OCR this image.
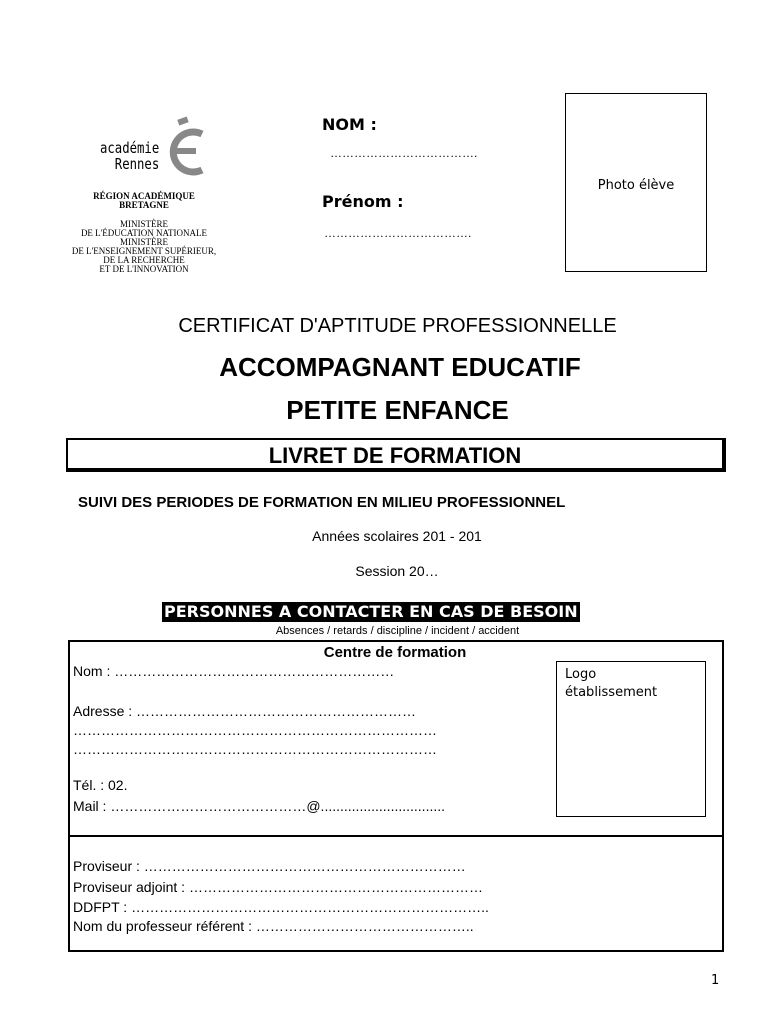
académie
Rennes
RÉGION ACADÉMIQUE
BRETAGNE
MINISTÈRE
DE L'ÉDUCATION NATIONALE
MINISTÈRE
DE L'ENSEIGNEMENT SUPÉRIEUR,
DE LA RECHERCHE
ET DE L'INNOVATION
NOM :
……………………………….
Prénom :
……………………………….
Photo élève
CERTIFICAT D'APTITUDE PROFESSIONNELLE
ACCOMPAGNANT EDUCATIF
PETITE ENFANCE
LIVRET DE FORMATION
SUIVI DES PERIODES DE FORMATION EN MILIEU PROFESSIONNEL
Années scolaires 201 - 201
Session 20…
PERSONNES A CONTACTER EN CAS DE BESOIN
Absences / retards / discipline / incident / accident
Centre de formation
Logo
établissement
Nom : ……………………………………………………
Adresse : ……………………………………………………
……………………………………………………………………
……………………………………………………………………
Tél. : 02.
Mail : ……………………………………@................................
Proviseur : ……………………………………………………………
Proviseur adjoint : ………………………………………………………
DDFPT : …………………………………………………………………..
Nom du professeur référent : ………………………………………..
1
